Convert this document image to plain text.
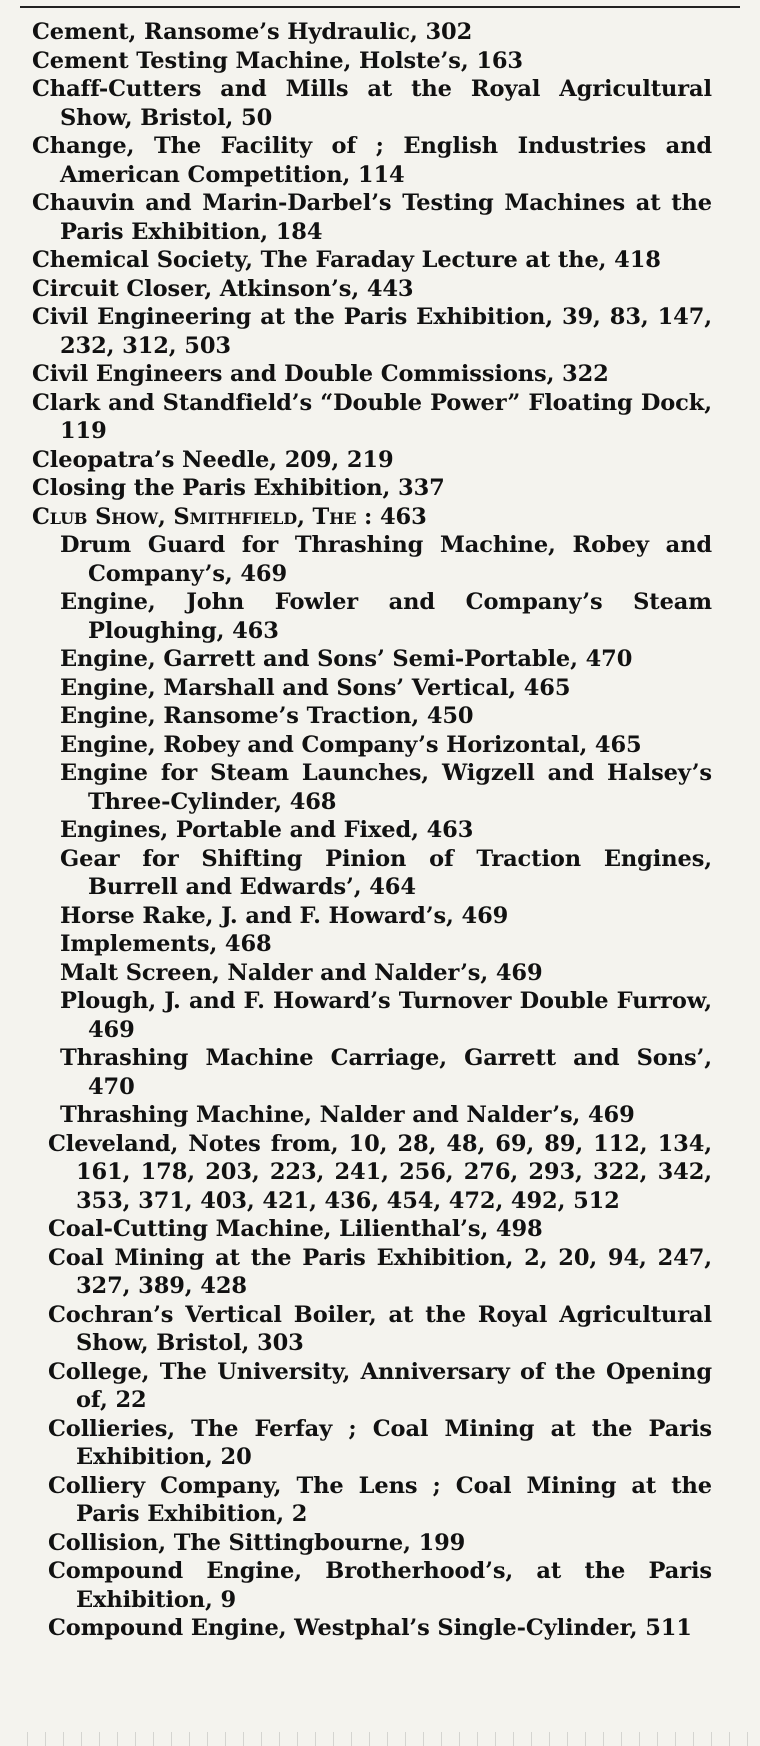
Cement, Ransome’s Hydraulic, 302

Cement Testing Machine, Holste’s, 163

Chaff-Cutters and Mills at the Royal Agricultural Show, Bristol, 50

Change, The Facility of ; English Industries and American Competition, 114

Chauvin and Marin-Darbel’s Testing Machines at the Paris Exhibition, 184

Chemical Society, The Faraday Lecture at the, 418

Circuit Closer, Atkinson’s, 443

Civil Engineering at the Paris Exhibition, 39, 83, 147, 232, 312, 503

Civil Engineers and Double Commissions, 322

Clark and Standfield’s “Double Power” Floating Dock, 119

Cleopatra’s Needle, 209, 219

Closing the Paris Exhibition, 337

Club Show, Smithfield, The : 463

Drum Guard for Thrashing Machine, Robey and Company’s, 469

Engine, John Fowler and Company’s Steam Ploughing, 463

Engine, Garrett and Sons’ Semi-Portable, 470

Engine, Marshall and Sons’ Vertical, 465

Engine, Ransome’s Traction, 450

Engine, Robey and Company’s Horizontal, 465

Engine for Steam Launches, Wigzell and Halsey’s Three-Cylinder, 468

Engines, Portable and Fixed, 463

Gear for Shifting Pinion of Traction Engines, Burrell and Edwards’, 464

Horse Rake, J. and F. Howard’s, 469

Implements, 468

Malt Screen, Nalder and Nalder’s, 469

Plough, J. and F. Howard’s Turnover Double Furrow, 469

Thrashing Machine Carriage, Garrett and Sons’, 470

Thrashing Machine, Nalder and Nalder’s, 469

Cleveland, Notes from, 10, 28, 48, 69, 89, 112, 134, 161, 178, 203, 223, 241, 256, 276, 293, 322, 342, 353, 371, 403, 421, 436, 454, 472, 492, 512

Coal-Cutting Machine, Lilienthal’s, 498

Coal Mining at the Paris Exhibition, 2, 20, 94, 247, 327, 389, 428

Cochran’s Vertical Boiler, at the Royal Agricultural Show, Bristol, 303

College, The University, Anniversary of the Opening of, 22

Collieries, The Ferfay ; Coal Mining at the Paris Exhibition, 20

Colliery Company, The Lens ; Coal Mining at the Paris Exhibition, 2

Collision, The Sittingbourne, 199

Compound Engine, Brotherhood’s, at the Paris Exhibition, 9

Compound Engine, Westphal’s Single-Cylinder, 511
